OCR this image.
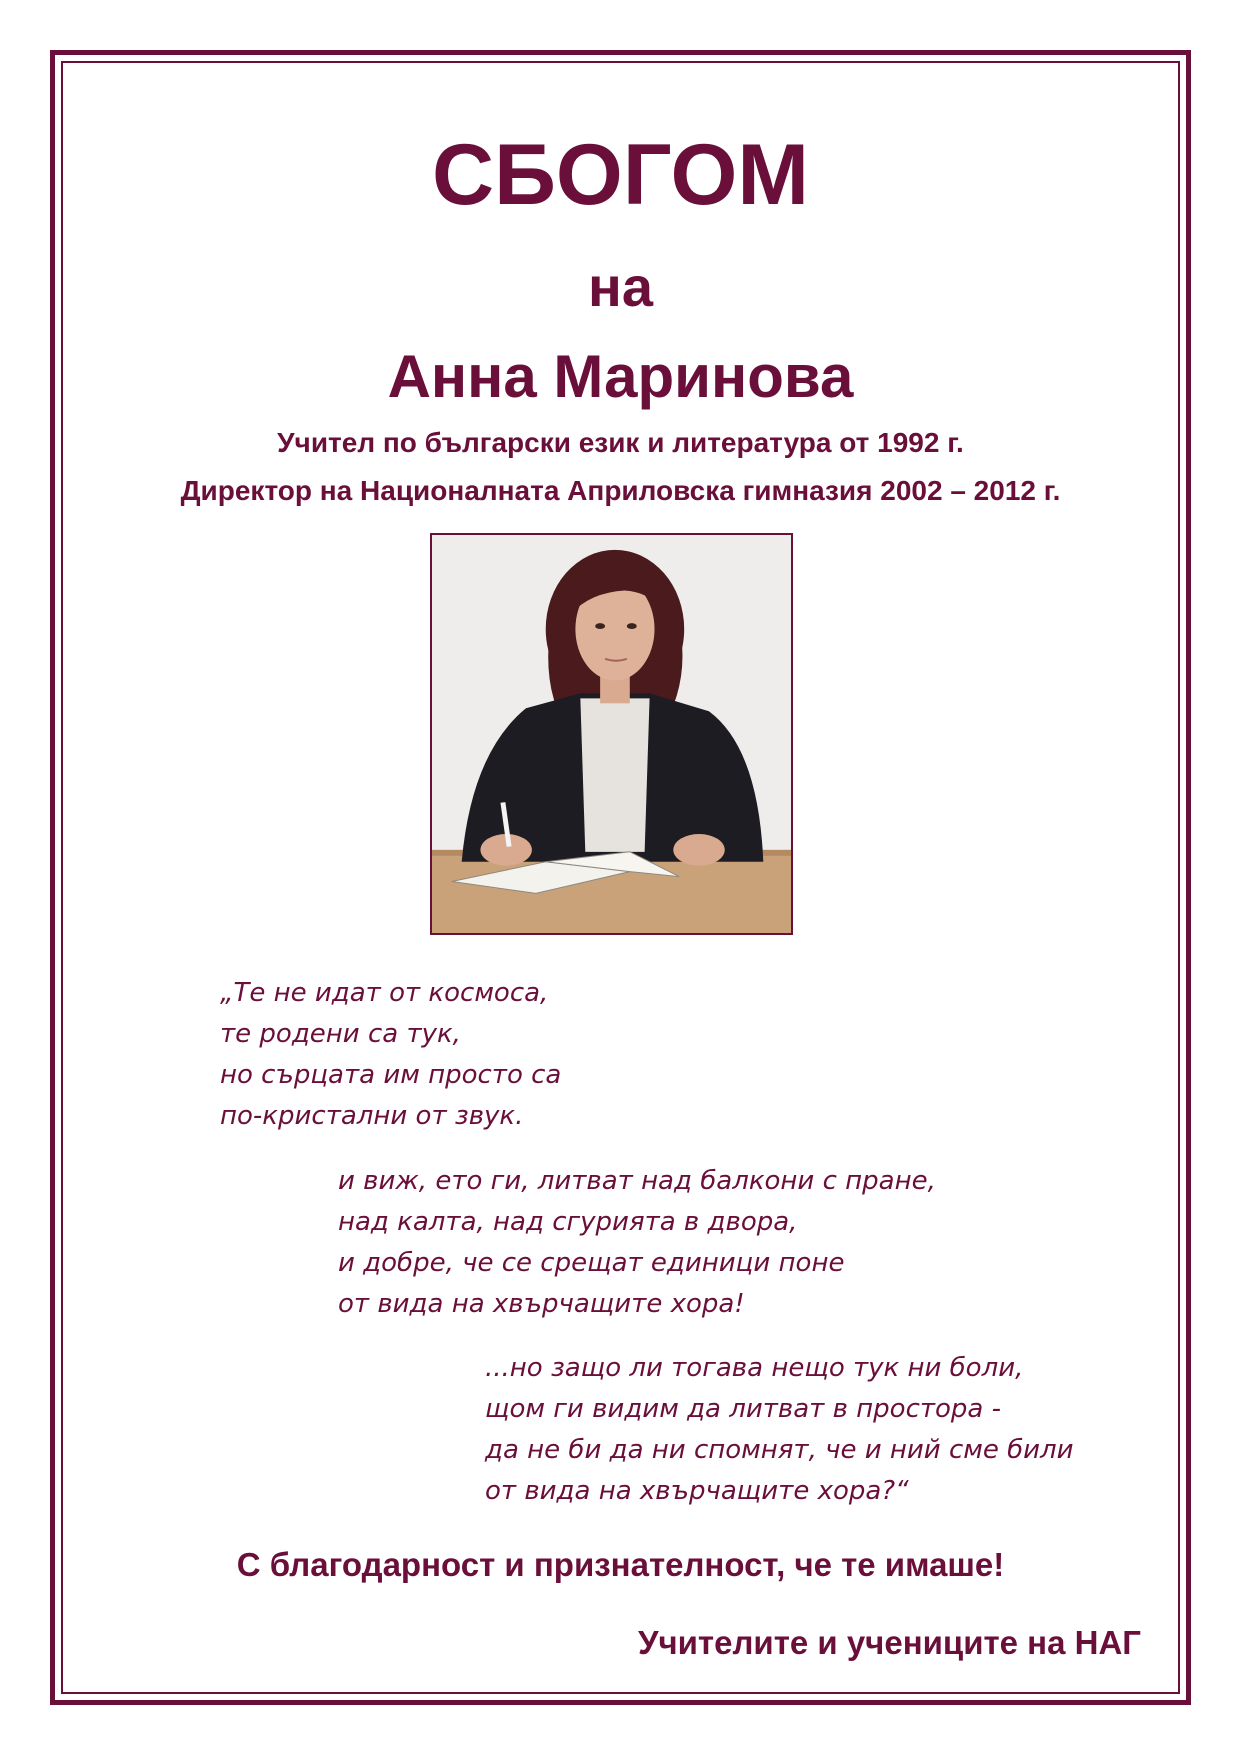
СБОГОМ
на
Анна Маринова
Учител по български език и литература от 1992 г.
Директор на Националната Априловска гимназия 2002 – 2012 г.
„Те не идат от космоса,
те родени са тук,
но сърцата им просто са
по-кристални от звук.
и виж, ето ги, литват над балкони с пране,
над калта, над сгурията в двора,
и добре, че се срещат единици поне
от вида на хвърчащите хора!
...но защо ли тогава нещо тук ни боли,
щом ги видим да литват в простора -
да не би да ни спомнят, че и ний сме били
от вида на хвърчащите хора?“
С благодарност и признателност, че те имаше!
Учителите и учениците на НАГ
